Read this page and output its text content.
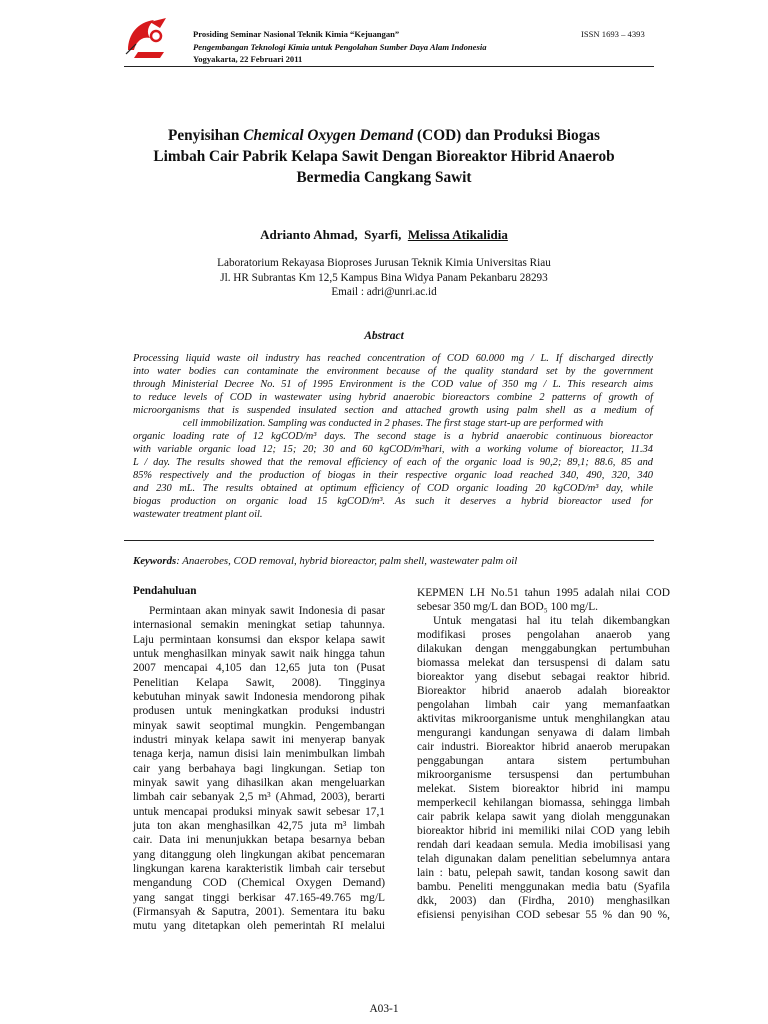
Prosiding Seminar Nasional Teknik Kimia “Kejuangan”
Pengembangan Teknologi Kimia untuk Pengolahan Sumber Daya Alam Indonesia
Yogyakarta, 22 Februari 2011
ISSN 1693 – 4393
Penyisihan Chemical Oxygen Demand (COD) dan Produksi Biogas
Limbah Cair Pabrik Kelapa Sawit Dengan Bioreaktor Hibrid Anaerob
Bermedia Cangkang Sawit
Adrianto Ahmad,  Syarfi,  Melissa Atikalidia
Laboratorium Rekayasa Bioproses Jurusan Teknik Kimia Universitas Riau
Jl. HR Subrantas Km 12,5 Kampus Bina Widya Panam Pekanbaru 28293
Email : adri@unri.ac.id
Abstract
Processing liquid waste oil industry has reached concentration of COD 60.000 mg / L. If discharged directly
into water bodies can contaminate the environment because of the quality standard set by the government
through Ministerial Decree No. 51 of 1995 Environment is the COD value of 350 mg / L. This research aims
to reduce levels of COD in wastewater using hybrid anaerobic bioreactors combine 2 patterns of growth of
microorganisms that is suspended insulated section and attached growth using palm shell as a medium of
cell immobilization. Sampling was conducted in 2 phases. The first stage start-up are performed with
organic loading rate of 12 kgCOD/m³ days. The second stage is a hybrid anaerobic continuous bioreactor
with variable organic load 12; 15; 20; 30 and 60 kgCOD/m³hari, with a working volume of bioreactor, 11.34
L / day. The results showed that the removal efficiency of each of the organic load is 90,2; 89,1; 88.6, 85 and
85% respectively and the production of biogas in their respective organic load reached 340, 490, 320, 340
and 230 mL. The results obtained at optimum efficiency of COD organic loading 20 kgCOD/m³ day, while
biogas production on organic load 15 kgCOD/m³. As such it deserves a hybrid bioreactor used for
wastewater treatment plant oil.
Keywords: Anaerobes, COD removal, hybrid bioreactor, palm shell, wastewater palm oil
Pendahuluan
Permintaan akan minyak sawit Indonesia di pasar
internasional semakin meningkat setiap tahunnya.
Laju permintaan konsumsi dan ekspor kelapa sawit
untuk menghasilkan minyak sawit naik hingga tahun
2007 mencapai 4,105 dan 12,65 juta ton (Pusat
Penelitian Kelapa Sawit, 2008). Tingginya
kebutuhan minyak sawit Indonesia mendorong pihak
produsen untuk meningkatkan produksi industri
minyak sawit seoptimal mungkin. Pengembangan
industri minyak kelapa sawit ini menyerap banyak
tenaga kerja, namun disisi lain menimbulkan limbah
cair yang berbahaya bagi lingkungan. Setiap ton
minyak sawit yang dihasilkan akan mengeluarkan
limbah cair sebanyak 2,5 m³ (Ahmad, 2003), berarti
untuk mencapai produksi minyak sawit sebesar 17,1
juta ton akan menghasilkan 42,75 juta m³ limbah
cair. Data ini menunjukkan betapa besarnya beban
yang ditanggung oleh lingkungan akibat pencemaran
lingkungan karena karakteristik limbah cair tersebut
mengandung COD (Chemical Oxygen Demand)
yang sangat tinggi berkisar 47.165-49.765 mg/L
(Firmansyah & Saputra, 2001). Sementara itu baku
mutu yang ditetapkan oleh pemerintah RI melalui
KEPMEN LH No.51 tahun 1995 adalah nilai COD
sebesar 350 mg/L dan BOD₅ 100 mg/L.
Untuk mengatasi hal itu telah dikembangkan
modifikasi proses pengolahan anaerob yang
dilakukan dengan menggabungkan pertumbuhan
biomassa melekat dan tersuspensi di dalam satu
bioreaktor yang disebut sebagai reaktor hibrid.
Bioreaktor hibrid anaerob adalah bioreaktor
pengolahan limbah cair yang memanfaatkan
aktivitas mikroorganisme untuk menghilangkan atau
mengurangi kandungan senyawa di dalam limbah
cair industri. Bioreaktor hibrid anaerob merupakan
penggabungan antara sistem pertumbuhan
mikroorganisme tersuspensi dan pertumbuhan
melekat. Sistem bioreaktor hibrid ini mampu
memperkecil kehilangan biomassa, sehingga limbah
cair pabrik kelapa sawit yang diolah menggunakan
bioreaktor hibrid ini memiliki nilai COD yang lebih
rendah dari keadaan semula. Media imobilisasi yang
telah digunakan dalam penelitian sebelumnya antara
lain : batu, pelepah sawit, tandan kosong sawit dan
bambu. Peneliti menggunakan media batu (Syafila
dkk, 2003) dan (Firdha, 2010) menghasilkan
efisiensi penyisihan COD sebesar 55 % dan 90 %,
A03-1
